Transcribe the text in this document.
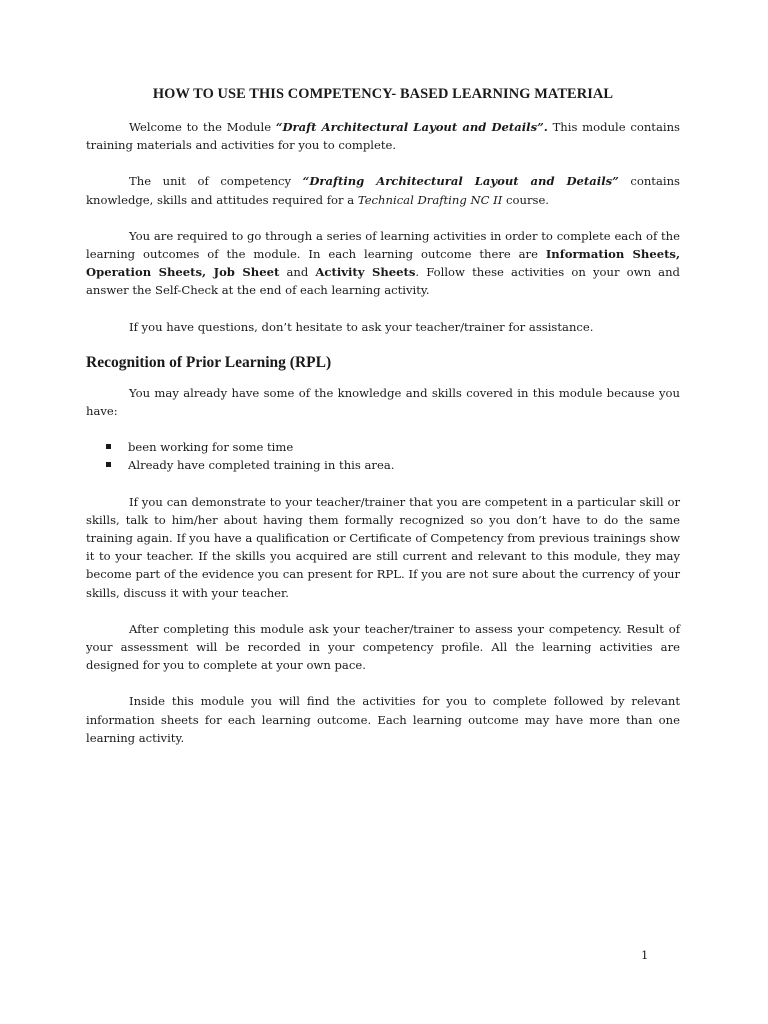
HOW TO USE THIS COMPETENCY- BASED LEARNING MATERIAL

Welcome to the Module “Draft Architectural Layout and Details”. This module contains training materials and activities for you to complete.

The unit of competency “Drafting Architectural Layout and Details” contains knowledge, skills and attitudes required for a Technical Drafting NC II course.

You are required to go through a series of learning activities in order to complete each of the learning outcomes of the module. In each learning outcome there are Information Sheets, Operation Sheets, Job Sheet and Activity Sheets. Follow these activities on your own and answer the Self-Check at the end of each learning activity.

If you have questions, don’t hesitate to ask your teacher/trainer for assistance.

Recognition of Prior Learning (RPL)

You may already have some of the knowledge and skills covered in this module because you have:

been working for some time
Already have completed training in this area.

If you can demonstrate to your teacher/trainer that you are competent in a particular skill or skills, talk to him/her about having them formally recognized so you don’t have to do the same training again. If you have a qualification or Certificate of Competency from previous trainings show it to your teacher. If the skills you acquired are still current and relevant to this module, they may become part of the evidence you can present for RPL. If you are not sure about the currency of your skills, discuss it with your teacher.

After completing this module ask your teacher/trainer to assess your competency. Result of your assessment will be recorded in your competency profile. All the learning activities are designed for you to complete at your own pace.

Inside this module you will find the activities for you to complete followed by relevant information sheets for each learning outcome. Each learning outcome may have more than one learning activity.

1
